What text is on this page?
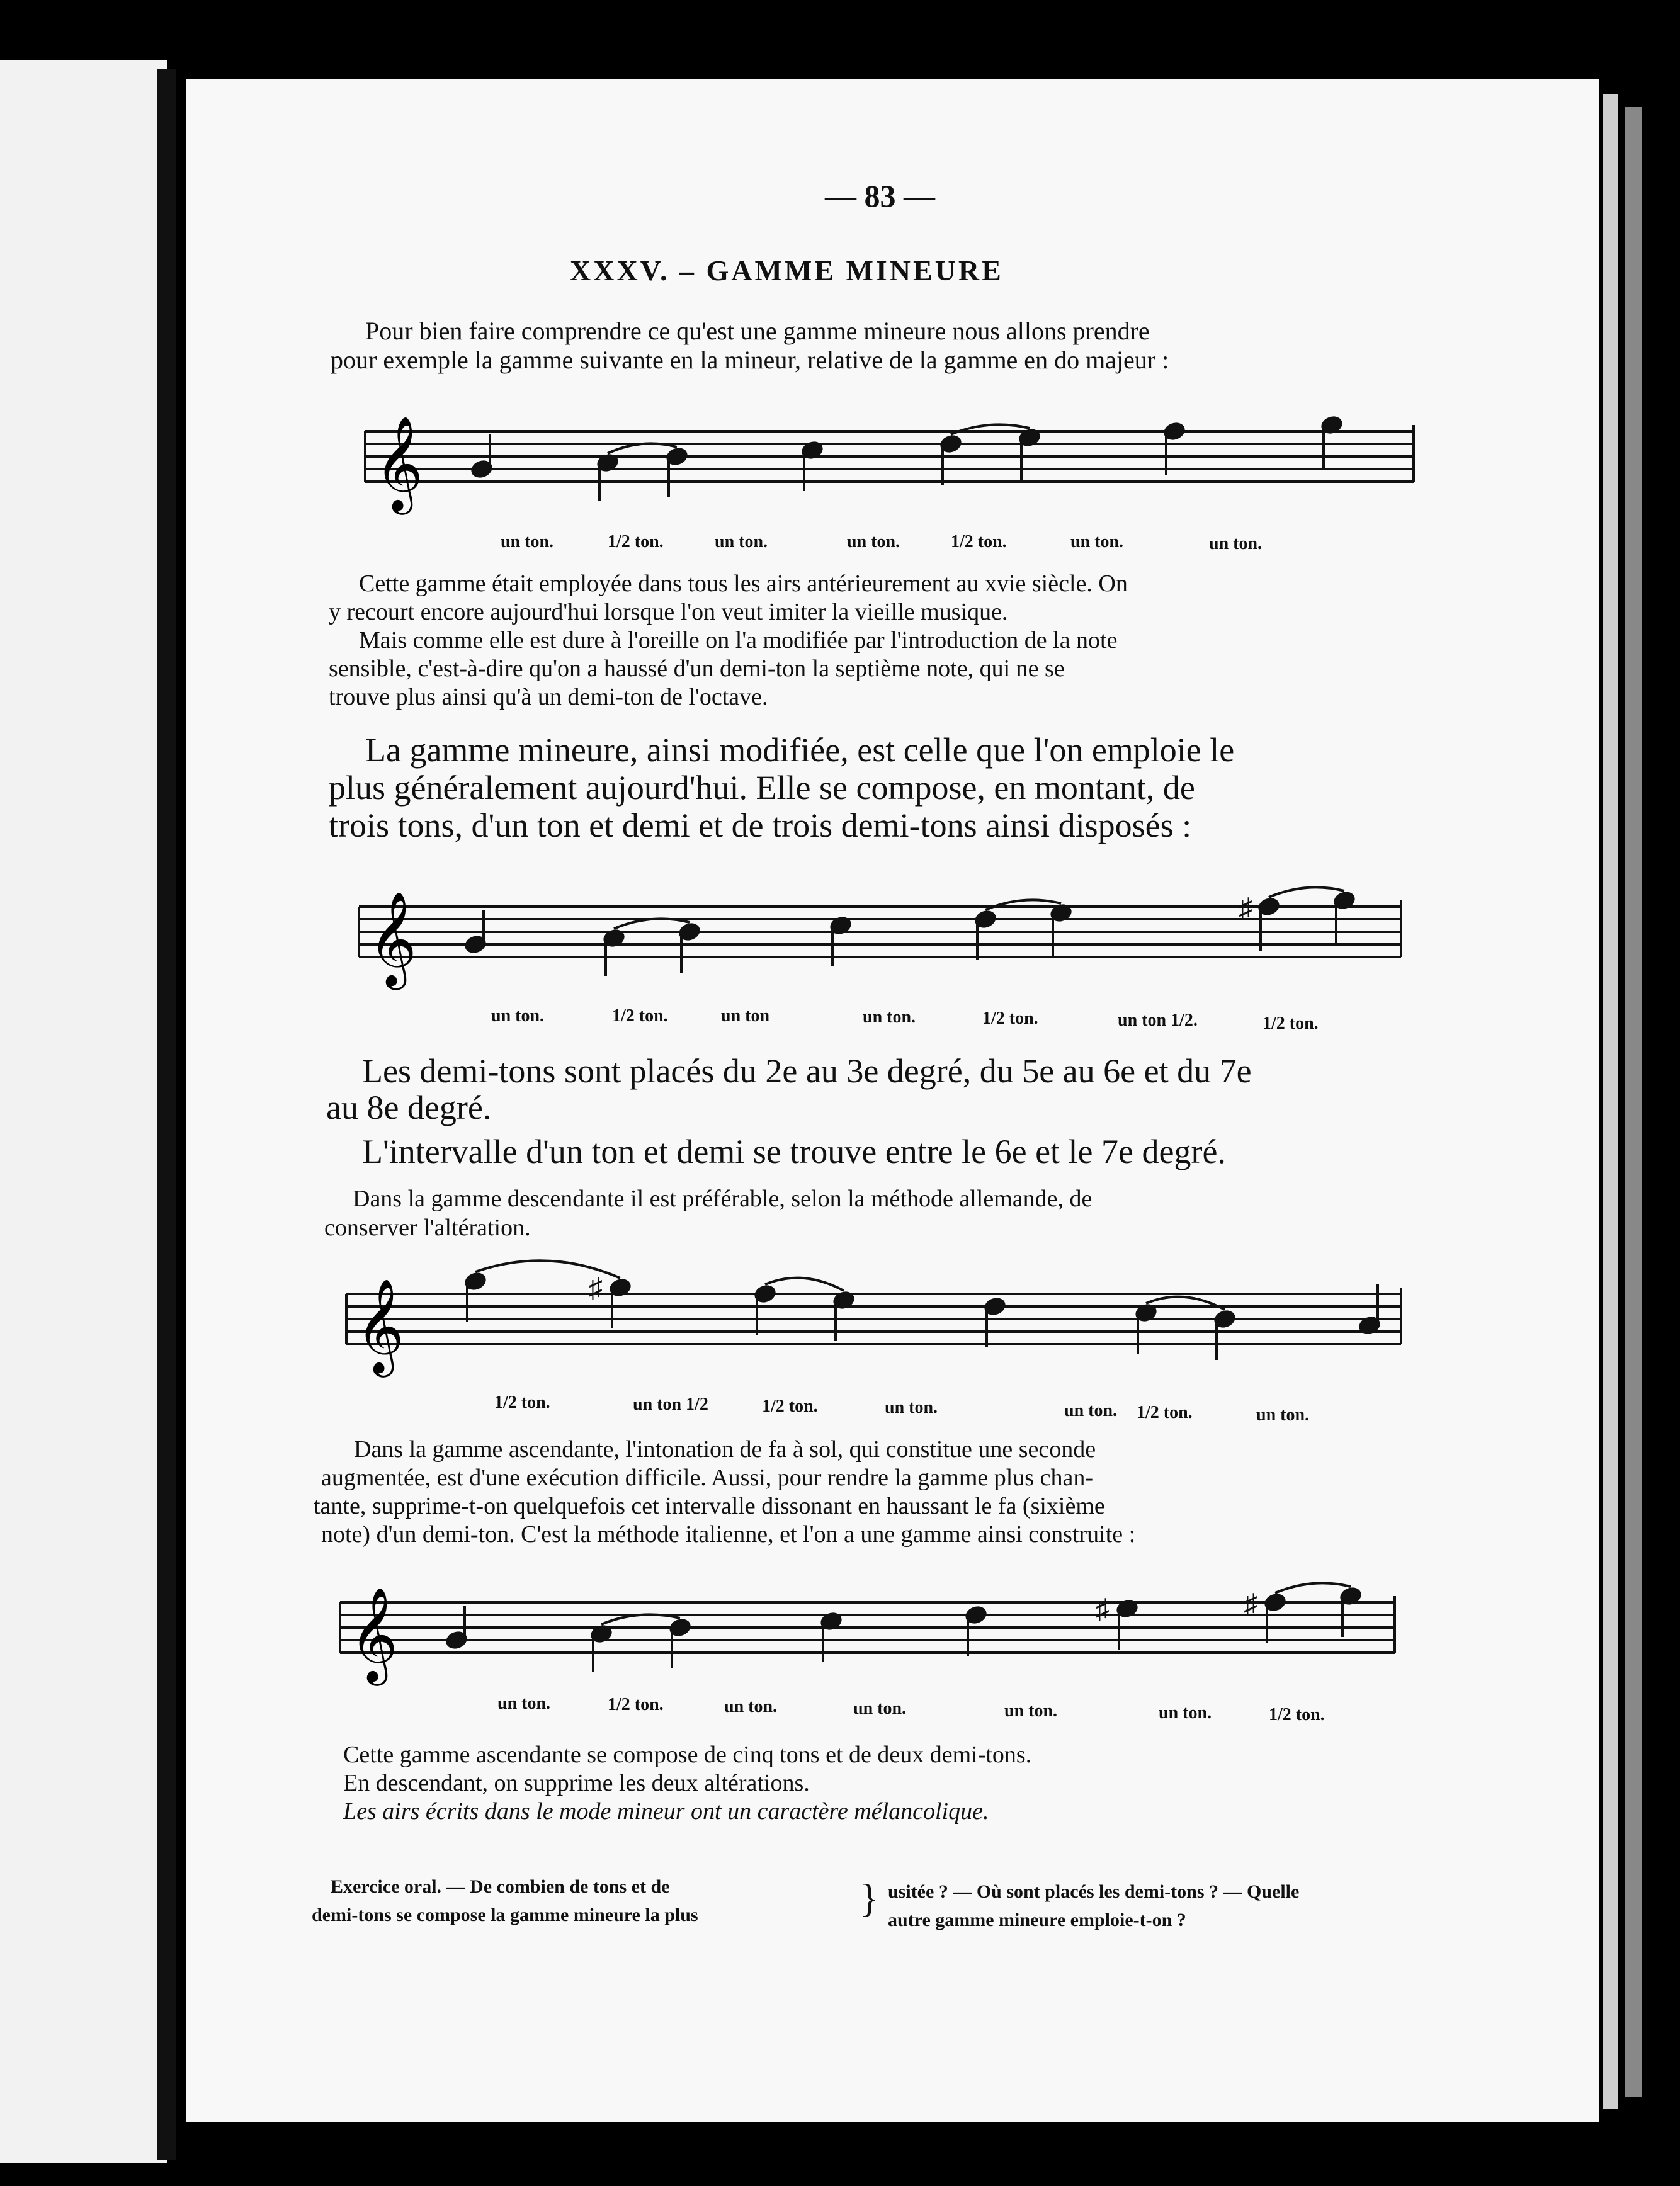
— 83 —
XXXV. – GAMME MINEURE
Pour bien faire comprendre ce qu'est une gamme mineure nous allons prendre
pour exemple la gamme suivante en la mineur, relative de la gamme en do majeur :
𝄞
un ton.	1/2 ton.	un ton.	un ton.	1/2 ton.	un ton.	un ton.
Cette gamme était employée dans tous les airs antérieurement au xvie siècle. On
y recourt encore aujourd'hui lorsque l'on veut imiter la vieille musique.
Mais comme elle est dure à l'oreille on l'a modifiée par l'introduction de la note
sensible, c'est-à-dire qu'on a haussé d'un demi-ton la septième note, qui ne se
trouve plus ainsi qu'à un demi-ton de l'octave.
La gamme mineure, ainsi modifiée, est celle que l'on emploie le
plus généralement aujourd'hui. Elle se compose, en montant, de
trois tons, d'un ton et demi et de trois demi-tons ainsi disposés :
𝄞	♯
un ton.	1/2 ton.	un ton	un ton.	1/2 ton.	un ton 1/2.	1/2 ton.
Les demi-tons sont placés du 2e au 3e degré, du 5e au 6e et du 7e
au 8e degré.
L'intervalle d'un ton et demi se trouve entre le 6e et le 7e degré.
Dans la gamme descendante il est préférable, selon la méthode allemande, de
conserver l'altération.
𝄞	♯
1/2 ton.	un ton 1/2	1/2 ton.	un ton.	un ton. 1/2 ton.	un ton.
Dans la gamme ascendante, l'intonation de fa à sol, qui constitue une seconde
augmentée, est d'une exécution difficile. Aussi, pour rendre la gamme plus chan-
tante, supprime-t-on quelquefois cet intervalle dissonant en haussant le fa (sixième
note) d'un demi-ton. C'est la méthode italienne, et l'on a une gamme ainsi construite :
𝄞	♯	♯
un ton.	1/2 ton.	un ton.	un ton.	un ton.	un ton.	1/2 ton.
Cette gamme ascendante se compose de cinq tons et de deux demi-tons.
En descendant, on supprime les deux altérations.
Les airs écrits dans le mode mineur ont un caractère mélancolique.
Exercice oral. — De combien de tons et de
demi-tons se compose la gamme mineure la plus	} usitée ? — Où sont placés les demi-tons ? — Quelle
autre gamme mineure emploie-t-on ?
